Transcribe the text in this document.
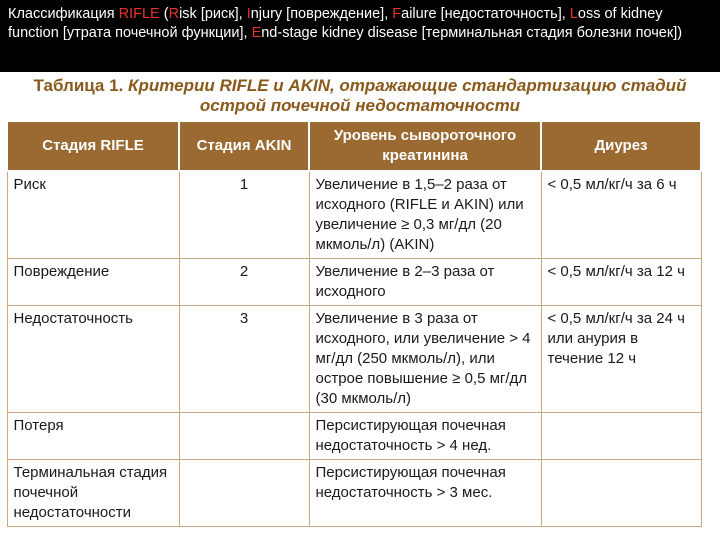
Классификация RIFLE (Risk [риск], Injury [повреждение], Failure [недостаточность], Loss of kidney function [утрата почечной функции], End-stage kidney disease [терминальная стадия болезни почек])
Таблица 1. Критерии RIFLE и AKIN, отражающие стандартизацию стадий острой почечной недостаточности
Стадия RIFLE	Стадия AKIN	Уровень сывороточного креатинина	Диурез
Риск	1	Увеличение в 1,5–2 раза от исходного (RIFLE и AKIN) или увеличение ≥ 0,3 мг/дл (20 мкмоль/л) (AKIN)	< 0,5 мл/кг/ч за 6 ч
Повреждение	2	Увеличение в 2–3 раза от исходного	< 0,5 мл/кг/ч за 12 ч
Недостаточность	3	Увеличение в 3 раза от исходного, или увеличение > 4 мг/дл (250 мкмоль/л), или острое повышение ≥ 0,5 мг/дл (30 мкмоль/л)	< 0,5 мл/кг/ч за 24 ч или анурия в течение 12 ч
Потеря		Персистирующая почечная недостаточность > 4 нед.	
Терминальная стадия почечной недостаточности		Персистирующая почечная недостаточность > 3 мес.	
